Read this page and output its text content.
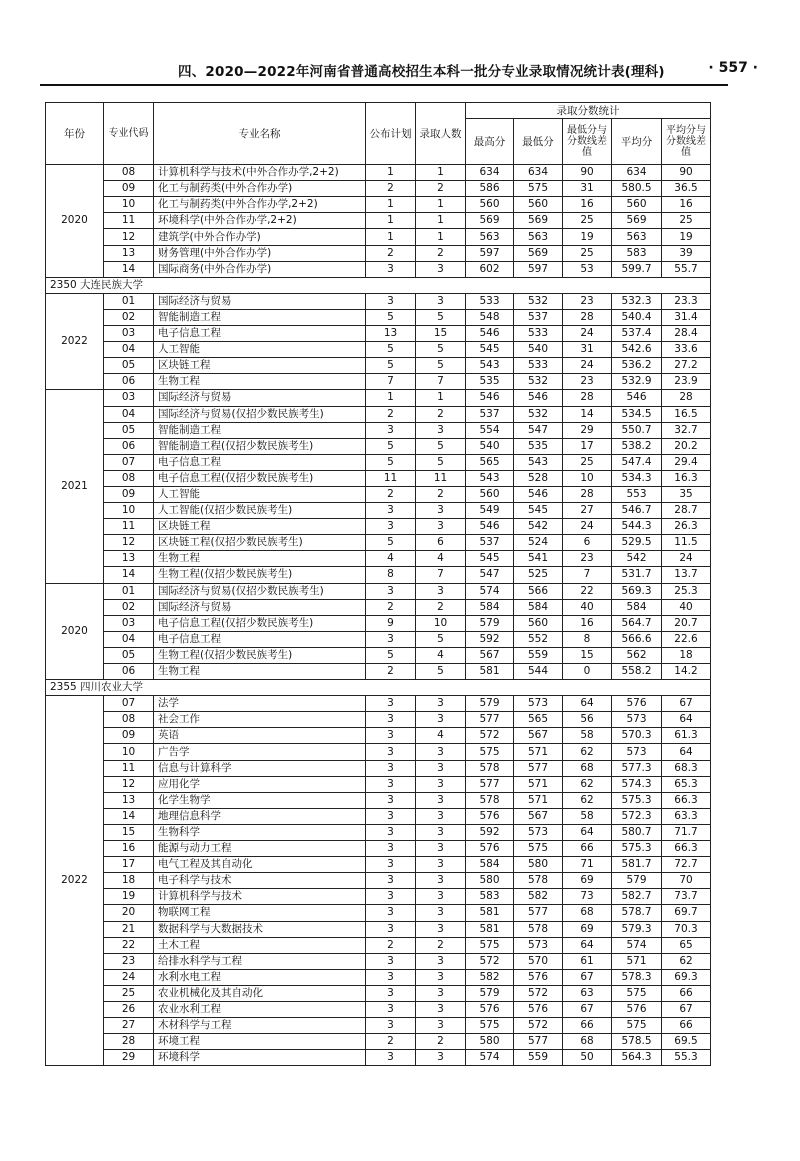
四、2020—2022年河南省普通高校招生本科一批分专业录取情况统计表(理科)	· 557 ·
年份	专业代码	专业名称	公布计划	录取人数	录取分数统计				
					最高分	最低分	最低分与分数线差值	平均分	平均分与分数线差值
2020	08	计算机科学与技术(中外合作办学,2+2)	1	1	634	634	90	634	90
	09	化工与制药类(中外合作办学)	2	2	586	575	31	580.5	36.5
	10	化工与制药类(中外合作办学,2+2)	1	1	560	560	16	560	16
	11	环境科学(中外合作办学,2+2)	1	1	569	569	25	569	25
	12	建筑学(中外合作办学)	1	1	563	563	19	563	19
	13	财务管理(中外合作办学)	2	2	597	569	25	583	39
	14	国际商务(中外合作办学)	3	3	602	597	53	599.7	55.7
2350 大连民族大学									
2022	01	国际经济与贸易	3	3	533	532	23	532.3	23.3
	02	智能制造工程	5	5	548	537	28	540.4	31.4
	03	电子信息工程	13	15	546	533	24	537.4	28.4
	04	人工智能	5	5	545	540	31	542.6	33.6
	05	区块链工程	5	5	543	533	24	536.2	27.2
	06	生物工程	7	7	535	532	23	532.9	23.9
2021	03	国际经济与贸易	1	1	546	546	28	546	28
	04	国际经济与贸易(仅招少数民族考生)	2	2	537	532	14	534.5	16.5
	05	智能制造工程	3	3	554	547	29	550.7	32.7
	06	智能制造工程(仅招少数民族考生)	5	5	540	535	17	538.2	20.2
	07	电子信息工程	5	5	565	543	25	547.4	29.4
	08	电子信息工程(仅招少数民族考生)	11	11	543	528	10	534.3	16.3
	09	人工智能	2	2	560	546	28	553	35
	10	人工智能(仅招少数民族考生)	3	3	549	545	27	546.7	28.7
	11	区块链工程	3	3	546	542	24	544.3	26.3
	12	区块链工程(仅招少数民族考生)	5	6	537	524	6	529.5	11.5
	13	生物工程	4	4	545	541	23	542	24
	14	生物工程(仅招少数民族考生)	8	7	547	525	7	531.7	13.7
2020	01	国际经济与贸易(仅招少数民族考生)	3	3	574	566	22	569.3	25.3
	02	国际经济与贸易	2	2	584	584	40	584	40
	03	电子信息工程(仅招少数民族考生)	9	10	579	560	16	564.7	20.7
	04	电子信息工程	3	5	592	552	8	566.6	22.6
	05	生物工程(仅招少数民族考生)	5	4	567	559	15	562	18
	06	生物工程	2	5	581	544	0	558.2	14.2
2355 四川农业大学									
2022	07	法学	3	3	579	573	64	576	67
	08	社会工作	3	3	577	565	56	573	64
	09	英语	3	4	572	567	58	570.3	61.3
	10	广告学	3	3	575	571	62	573	64
	11	信息与计算科学	3	3	578	577	68	577.3	68.3
	12	应用化学	3	3	577	571	62	574.3	65.3
	13	化学生物学	3	3	578	571	62	575.3	66.3
	14	地理信息科学	3	3	576	567	58	572.3	63.3
	15	生物科学	3	3	592	573	64	580.7	71.7
	16	能源与动力工程	3	3	576	575	66	575.3	66.3
	17	电气工程及其自动化	3	3	584	580	71	581.7	72.7
	18	电子科学与技术	3	3	580	578	69	579	70
	19	计算机科学与技术	3	3	583	582	73	582.7	73.7
	20	物联网工程	3	3	581	577	68	578.7	69.7
	21	数据科学与大数据技术	3	3	581	578	69	579.3	70.3
	22	土木工程	2	2	575	573	64	574	65
	23	给排水科学与工程	3	3	572	570	61	571	62
	24	水利水电工程	3	3	582	576	67	578.3	69.3
	25	农业机械化及其自动化	3	3	579	572	63	575	66
	26	农业水利工程	3	3	576	576	67	576	67
	27	木材科学与工程	3	3	575	572	66	575	66
	28	环境工程	2	2	580	577	68	578.5	69.5
	29	环境科学	3	3	574	559	50	564.3	55.3
